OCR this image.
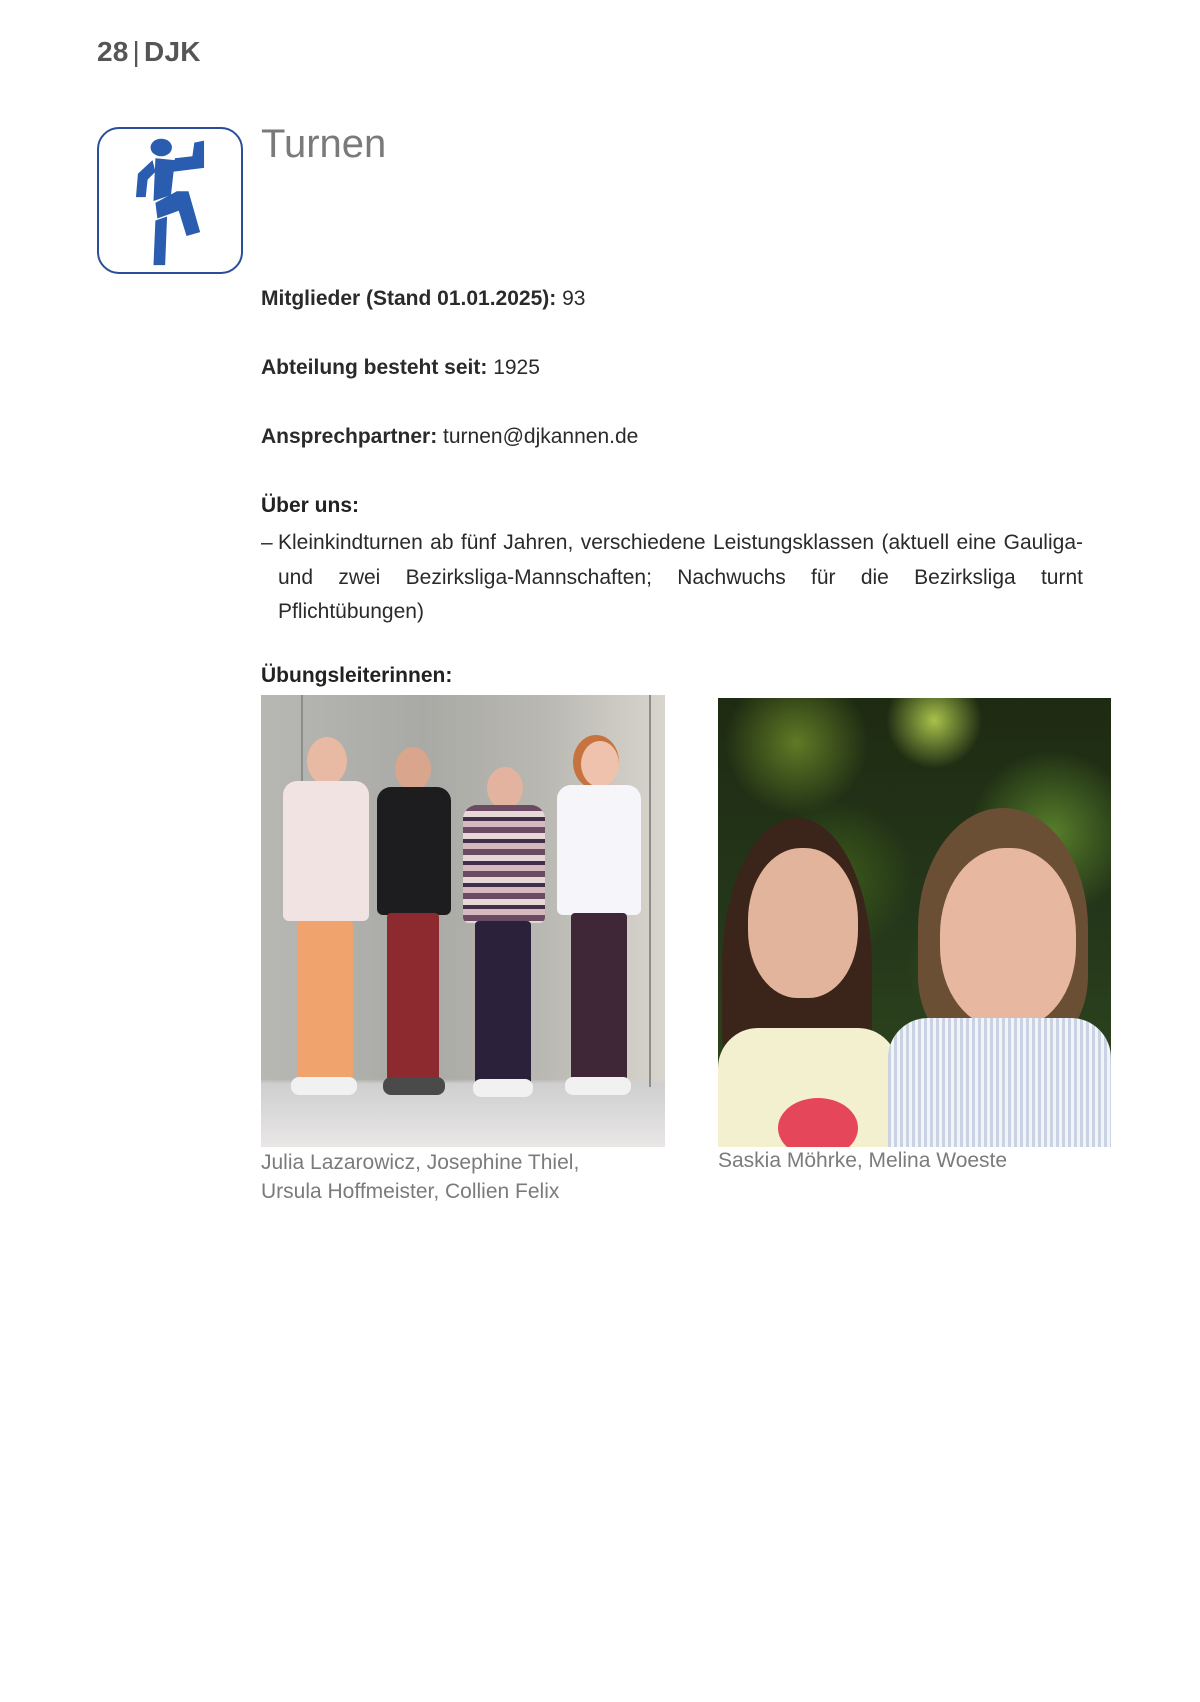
28 | DJK
Turnen
Mitglieder (Stand 01.01.2025): 93
Abteilung besteht seit: 1925
Ansprechpartner: turnen@djkannen.de
Über uns:
– Kleinkindturnen ab fünf Jahren, verschiedene Leistungsklassen (aktuell eine Gauliga- und zwei Bezirksliga-Mannschaften; Nachwuchs für die Bezirksliga turnt Pflichtübungen)
Übungsleiterinnen:
Julia Lazarowicz, Josephine Thiel,
Ursula Hoffmeister, Collien Felix
Saskia Möhrke, Melina Woeste
